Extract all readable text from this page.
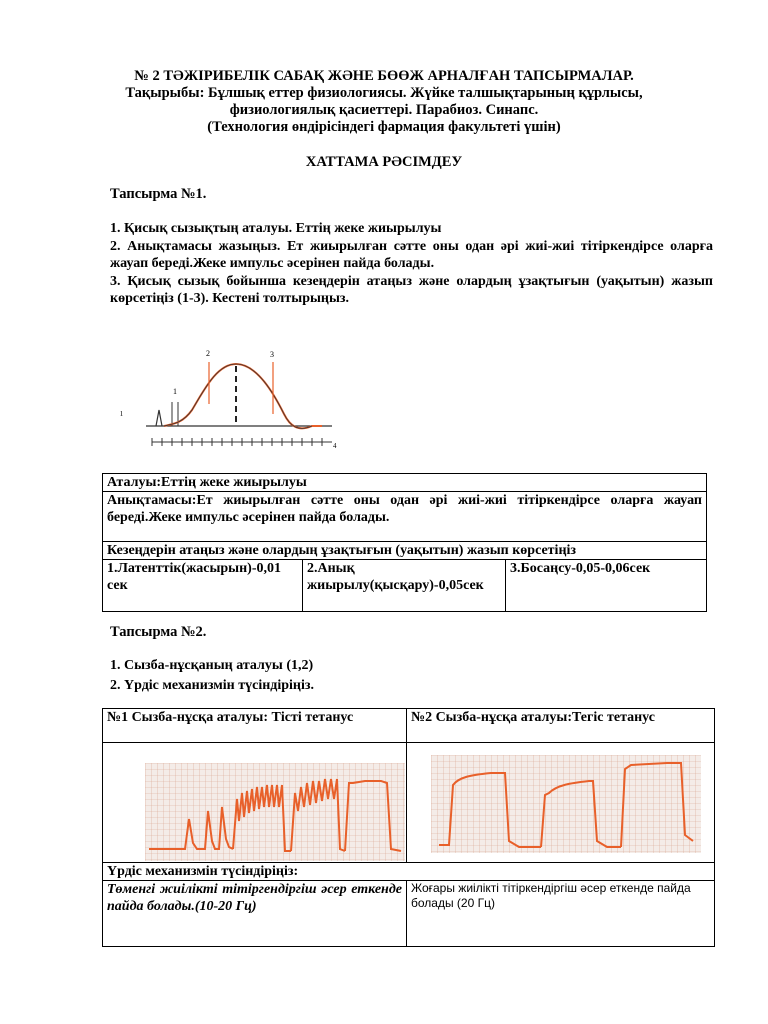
№ 2 ТӘЖІРИБЕЛІК САБАҚ ЖӘНЕ БӨӨЖ АРНАЛҒАН ТАПСЫРМАЛАР.
Тақырыбы: Бұлшық еттер физиологиясы. Жүйке талшықтарының құрлысы,
физиологиялық қасиеттері. Парабиоз. Синапс.
(Технология өндірісіндегі фармация факультеті үшін)
ХАТТАМА РӘСІМДЕУ
Тапсырма №1.
1. Қисық сызықтың аталуы. Еттің жеке жиырылуы
2. Анықтамасы жазыңыз. Ет жиырылған сәтте оны одан әрі жиі-жиі тітіркендірсе оларға жауап береді.Жеке импульс әсерінен пайда болады.
3. Қисық сызық бойынша кезеңдерін атаңыз және олардың ұзақтығын (уақытын) жазып көрсетіңіз (1-3). Кестені толтырыңыз.
2	3
1
4
ı
Аталуы:Еттің жеке жиырылуы
Анықтамасы:Ет жиырылған сәтте оны одан әрі жиі-жиі тітіркендірсе оларға жауап береді.Жеке импульс әсерінен пайда болады.
Кезеңдерін атаңыз және олардың ұзақтығын (уақытын) жазып көрсетіңіз
1.Латенттік(жасырын)-0,01 сек	2.Анық жиырылу(қысқару)-0,05сек	3.Босаңсу-0,05-0,06сек
Тапсырма №2.
1. Сызба-нұсқаның аталуы (1,2)
2. Үрдіс механизмін түсіндіріңіз.
№1 Сызба-нұсқа аталуы: Тісті тетанус	№2 Сызба-нұсқа аталуы:Тегіс тетанус

Үрдіс механизмін түсіндіріңіз:	
Төменгі жиілікті тітіргендіргіш әсер еткенде пайда болады.(10-20 Гц)	Жоғары жиілікті тітіркендіргіш әсер еткенде пайда болады (20 Гц)
